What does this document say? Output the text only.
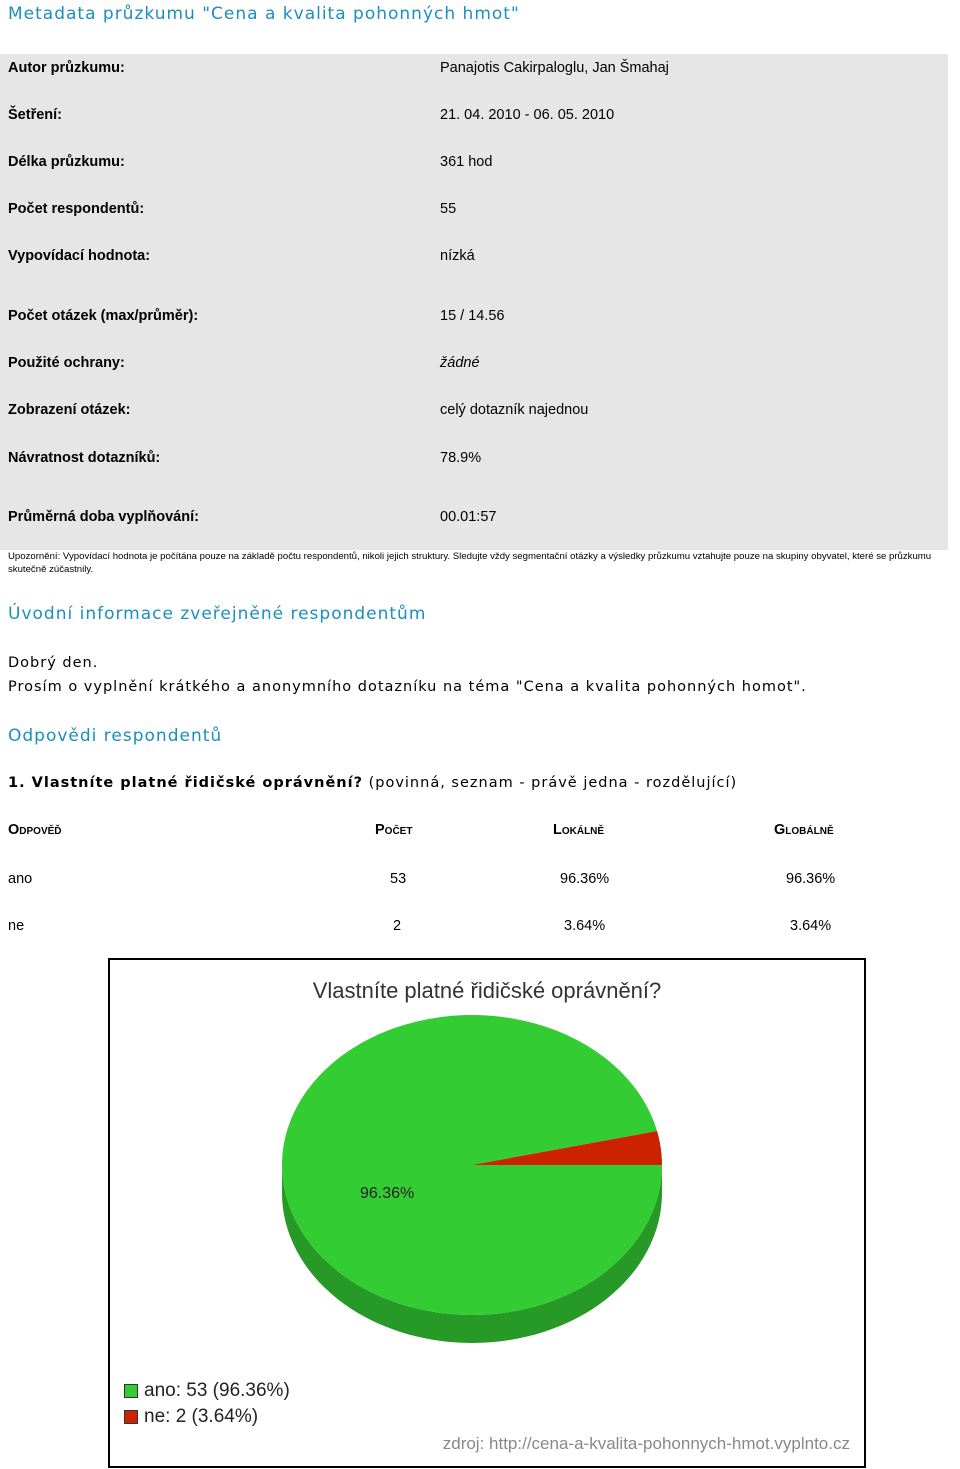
Metadata průzkumu "Cena a kvalita pohonných hmot"
Autor průzkumu:	Panajotis Cakirpaloglu, Jan Šmahaj
Šetření:	21. 04. 2010 - 06. 05. 2010
Délka průzkumu:	361 hod
Počet respondentů:	55
Vypovídací hodnota:	nízká
Počet otázek (max/průměr):	15 / 14.56
Použité ochrany:	žádné
Zobrazení otázek:	celý dotazník najednou
Návratnost dotazníků:	78.9%
Průměrná doba vyplňování:	00.01:57
Upozornění: Vypovídací hodnota je počítána pouze na základě počtu respondentů, nikoli jejich struktury. Sledujte vždy segmentační otázky a výsledky průzkumu vztahujte pouze na skupiny obyvatel, které se průzkumu skutečně zúčastnily.
Úvodní informace zveřejněné respondentům
Dobrý den.
Prosím o vyplnění krátkého a anonymního dotazníku na téma "Cena a kvalita pohonných homot".
Odpovědi respondentů
1. Vlastníte platné řidičské oprávnění? (povinná, seznam - právě jedna - rozdělující)
Odpověď	Počet	Lokálně	Globálně
ano	53	96.36%	96.36%
ne	2	3.64%	3.64%
Vlastníte platné řidičské oprávnění?
96.36%
ano: 53 (96.36%)
ne: 2 (3.64%)
zdroj: http://cena-a-kvalita-pohonnych-hmot.vyplnto.cz
